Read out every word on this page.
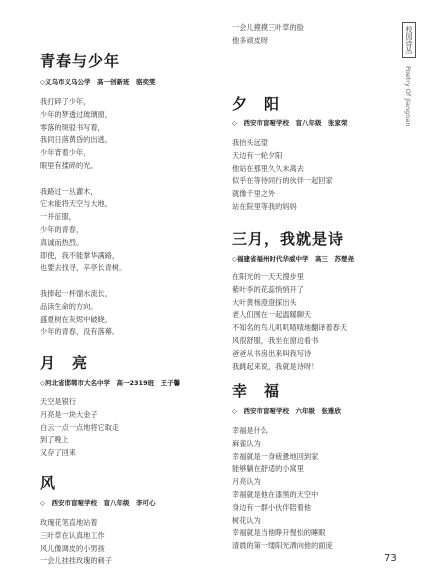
校园诗丛
Poetry Of Jiangnan
青春与少年
◇义乌市义乌公学　高一创新班　骆奕雯
我打碎了少年，
少年的梦透过玻璃窗，
零落的斑驳书写着，
我同日落黄昏的出逃，
少年背着少年，
眼里有揉碎的光。
我路过一丛灌木，
它未能将天空与大地，
一并征服，
少年的青春，
真诚而热烈。
即使，我不能掌华满路，
也要去找寻，辛亭长青树。
我捧起一杯馏水流长，
品读生命的方向。
盛夏树在灰烬中破晓，
少年的青春，没有落幕。
月　亮
◇河北省邯郸市大名中学　高一2319班　王子馨
天空是银行
月亮是一块大金子
白云一点一点地将它取走
到了晚上
又存了回来
风
◇　西安市盲哑学校　盲八年级　李可心
玫瑰花笔直地站着
三叶草在认真地工作
风儿像调皮的小男孩
一会儿挂挂玫瑰的刺子
一会儿摸摸三叶草的脸
他多顽皮呀
夕　阳
◇　西安市盲哑学校　盲八年级　张家荣
我抬头远望
天边有一轮夕阳
他站在那里久久未离去
似乎在等待同行的伙伴一起回家
就像千里之外
站在院里等我的妈妈
三月，我就是诗
◇福建省福州时代华威中学　高三　苏楚尧
在阳光的一天天搜步里
紫叶李的花蕊悄悄开了
大叶黄杨澄澄探出头
老人们围在一起温暖聊天
不知名的鸟儿叽叽喳喳地翻译着春天
风很舒服，我坐在窗边看书
爸爸从书房出来叫我写诗
我跳起来说，我就是诗呀！
幸　福
◇　西安市盲哑学校　六年级　张雅欣
幸福是什么
麻雀认为
幸福就是一身疲惫地回到家
能够躺在舒适的小窝里
月亮认为
幸福就是他在漆黑的天空中
身边有一群小伙伴陪着他
树花认为
幸福就是当他睁开惺忪的睡眼
清晨的第一缕阳光洒向他的面庞
73
